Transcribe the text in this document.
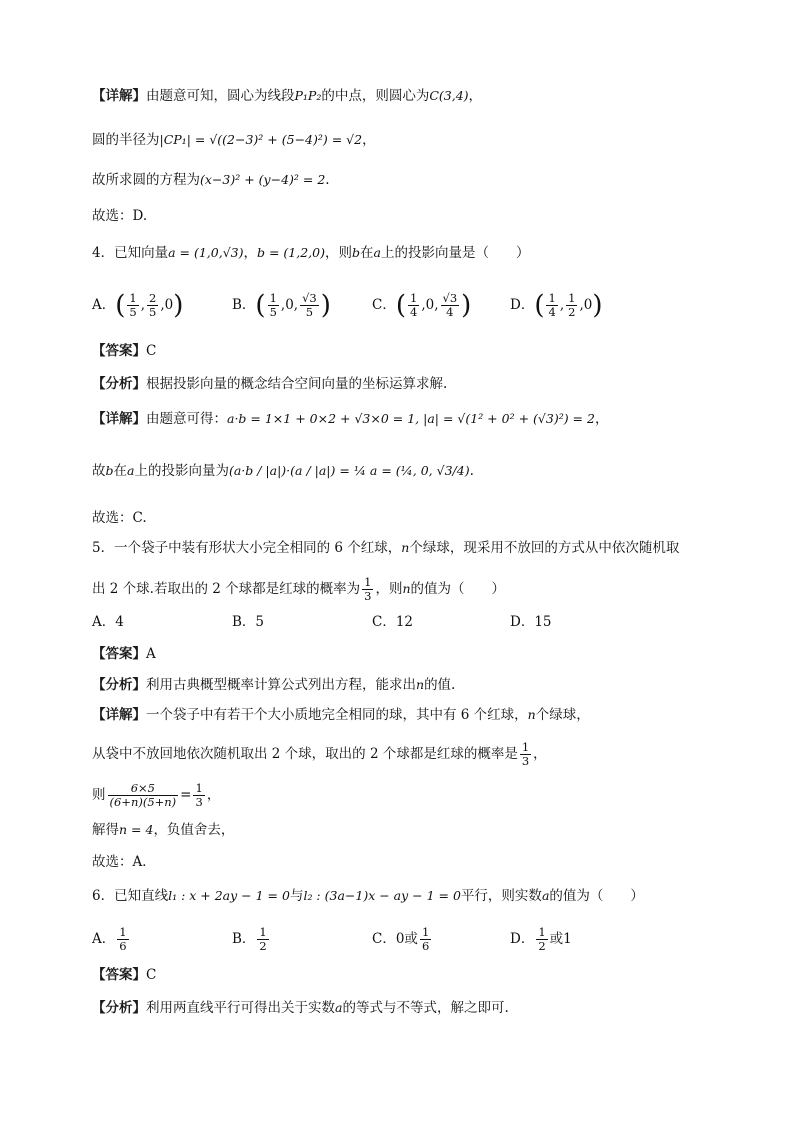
【详解】由题意可知，圆心为线段P₁P₂的中点，则圆心为C(3,4)，
圆的半径为|CP₁| = √((2−3)² + (5−4)²) = √2，
故所求圆的方程为(x−3)² + (y−4)² = 2.
故选：D.
4．已知向量a = (1,0,√3)，b = (1,2,0)，则b在a上的投影向量是（　　）
A．( $\frac{1}{5}$ , $\frac{2}{5} ,0$)	B．( $\frac{1}{5} ,0$, $\frac{√3}{5}$ )	C．( $\frac{1}{4} ,0$, $\frac{√3}{4}$ )	D．( $\frac{1}{4}$ , $\frac{1}{2} ,0$)
【答案】C
【分析】根据投影向量的概念结合空间向量的坐标运算求解.
【详解】由题意可得：a·b = 1×1 + 0×2 + √3×0 = 1, |a| = √(1² + 0² + (√3)²) = 2，
故b在a上的投影向量为(a·b / |a|)·(a / |a|) = ¼ a = (¼, 0, √3/4).
故选：C.
5．一个袋子中装有形状大小完全相同的 6 个红球，n个绿球，现采用不放回的方式从中依次随机取
出 2 个球.若取出的 2 个球都是红球的概率为 $\frac{1}{3}$ ，则n的值为（　　）
A．4	B．5	C．12	D．15
【答案】A
【分析】利用古典概型概率计算公式列出方程，能求出n的值.
【详解】一个袋子中有若干个大小质地完全相同的球，其中有 6 个红球，n个绿球，
从袋中不放回地依次随机取出 2 个球，取出的 2 个球都是红球的概率是 $\frac{1}{3}$ ，
则 $\frac{6\times 5}{(6+n)(5+n)} = \frac{1}{3}$ ，
解得n = 4，负值舍去，
故选：A．
6．已知直线l₁ : x + 2ay − 1 = 0与l₂ : (3a−1)x − ay − 1 = 0平行，则实数a的值为（　　）
A． $\frac{1}{6}$	B． $\frac{1}{2}$	C．0或 $\frac{1}{6}$	D． $\frac{1}{2}$ 或1
【答案】C
【分析】利用两直线平行可得出关于实数a的等式与不等式，解之即可.
